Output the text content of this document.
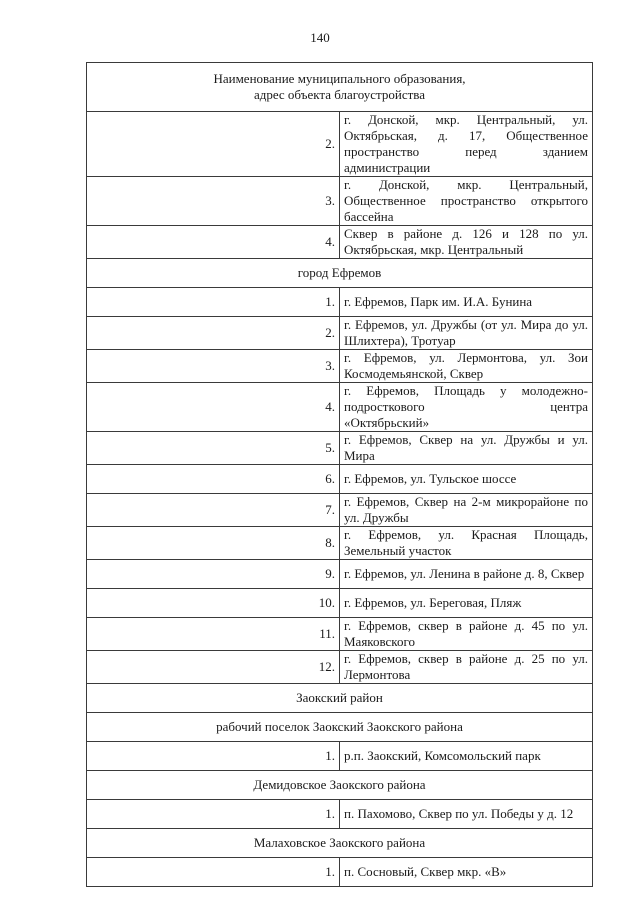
140
Наименование муниципального образования,
адрес объекта благоустройства	
2.	г. Донской, мкр. Центральный, ул. Октябрьская, д. 17, Общественное пространство перед зданием администрации
3.	г. Донской, мкр. Центральный, Общественное пространство открытого бассейна
4.	Сквер в районе д. 126 и 128 по ул. Октябрьская, мкр. Центральный
город Ефремов	
1.	г. Ефремов, Парк им. И.А. Бунина
2.	г. Ефремов, ул. Дружбы (от ул. Мира до ул. Шлихтера), Тротуар
3.	г. Ефремов, ул. Лермонтова, ул. Зои Космодемьянской, Сквер
4.	г. Ефремов, Площадь у молодежно-подросткового центра
«Октябрьский»
5.	г. Ефремов, Сквер на ул. Дружбы и ул. Мира
6.	г. Ефремов, ул. Тульское шоссе
7.	г. Ефремов, Сквер на 2-м микрорайоне по ул. Дружбы
8.	г. Ефремов, ул. Красная Площадь, Земельный участок
9.	г. Ефремов, ул. Ленина в районе д. 8, Сквер
10.	г. Ефремов, ул. Береговая, Пляж
11.	г. Ефремов, сквер в районе д. 45 по ул. Маяковского
12.	г. Ефремов, сквер в районе д. 25 по ул. Лермонтова
Заокский район	
рабочий поселок Заокский Заокского района	
1.	р.п. Заокский, Комсомольский парк
Демидовское Заокского района	
1.	п. Пахомово, Сквер по ул. Победы у д. 12
Малаховское Заокского района	
1.	п. Сосновый, Сквер мкр. «В»
